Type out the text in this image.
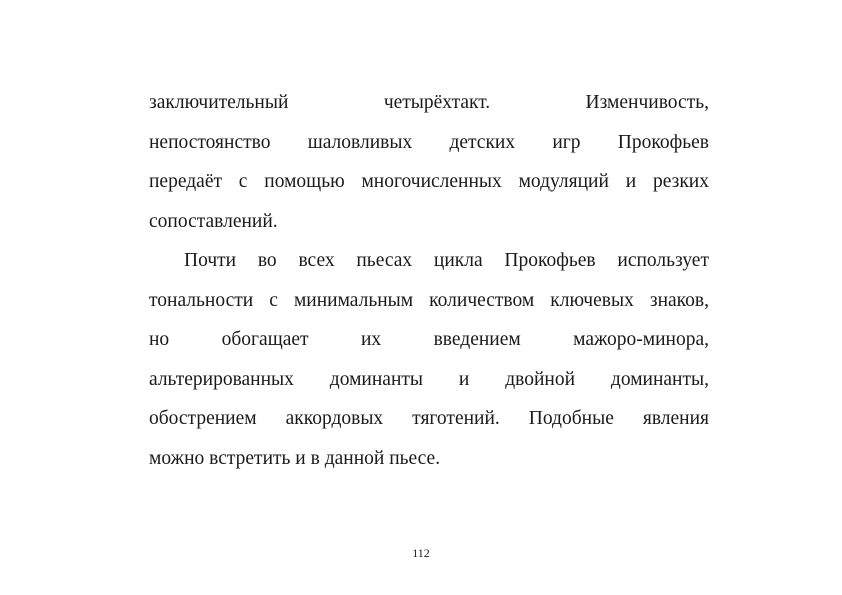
заключительный четырёхтакт. Изменчивость,
непостоянство шаловливых детских игр Прокофьев
передаёт с помощью многочисленных модуляций и резких
сопоставлений.
Почти во всех пьесах цикла Прокофьев использует
тональности с минимальным количеством ключевых знаков,
но обогащает их введением мажоро-минора,
альтерированных доминанты и двойной доминанты,
обострением аккордовых тяготений. Подобные явления
можно встретить и в данной пьесе.
112
